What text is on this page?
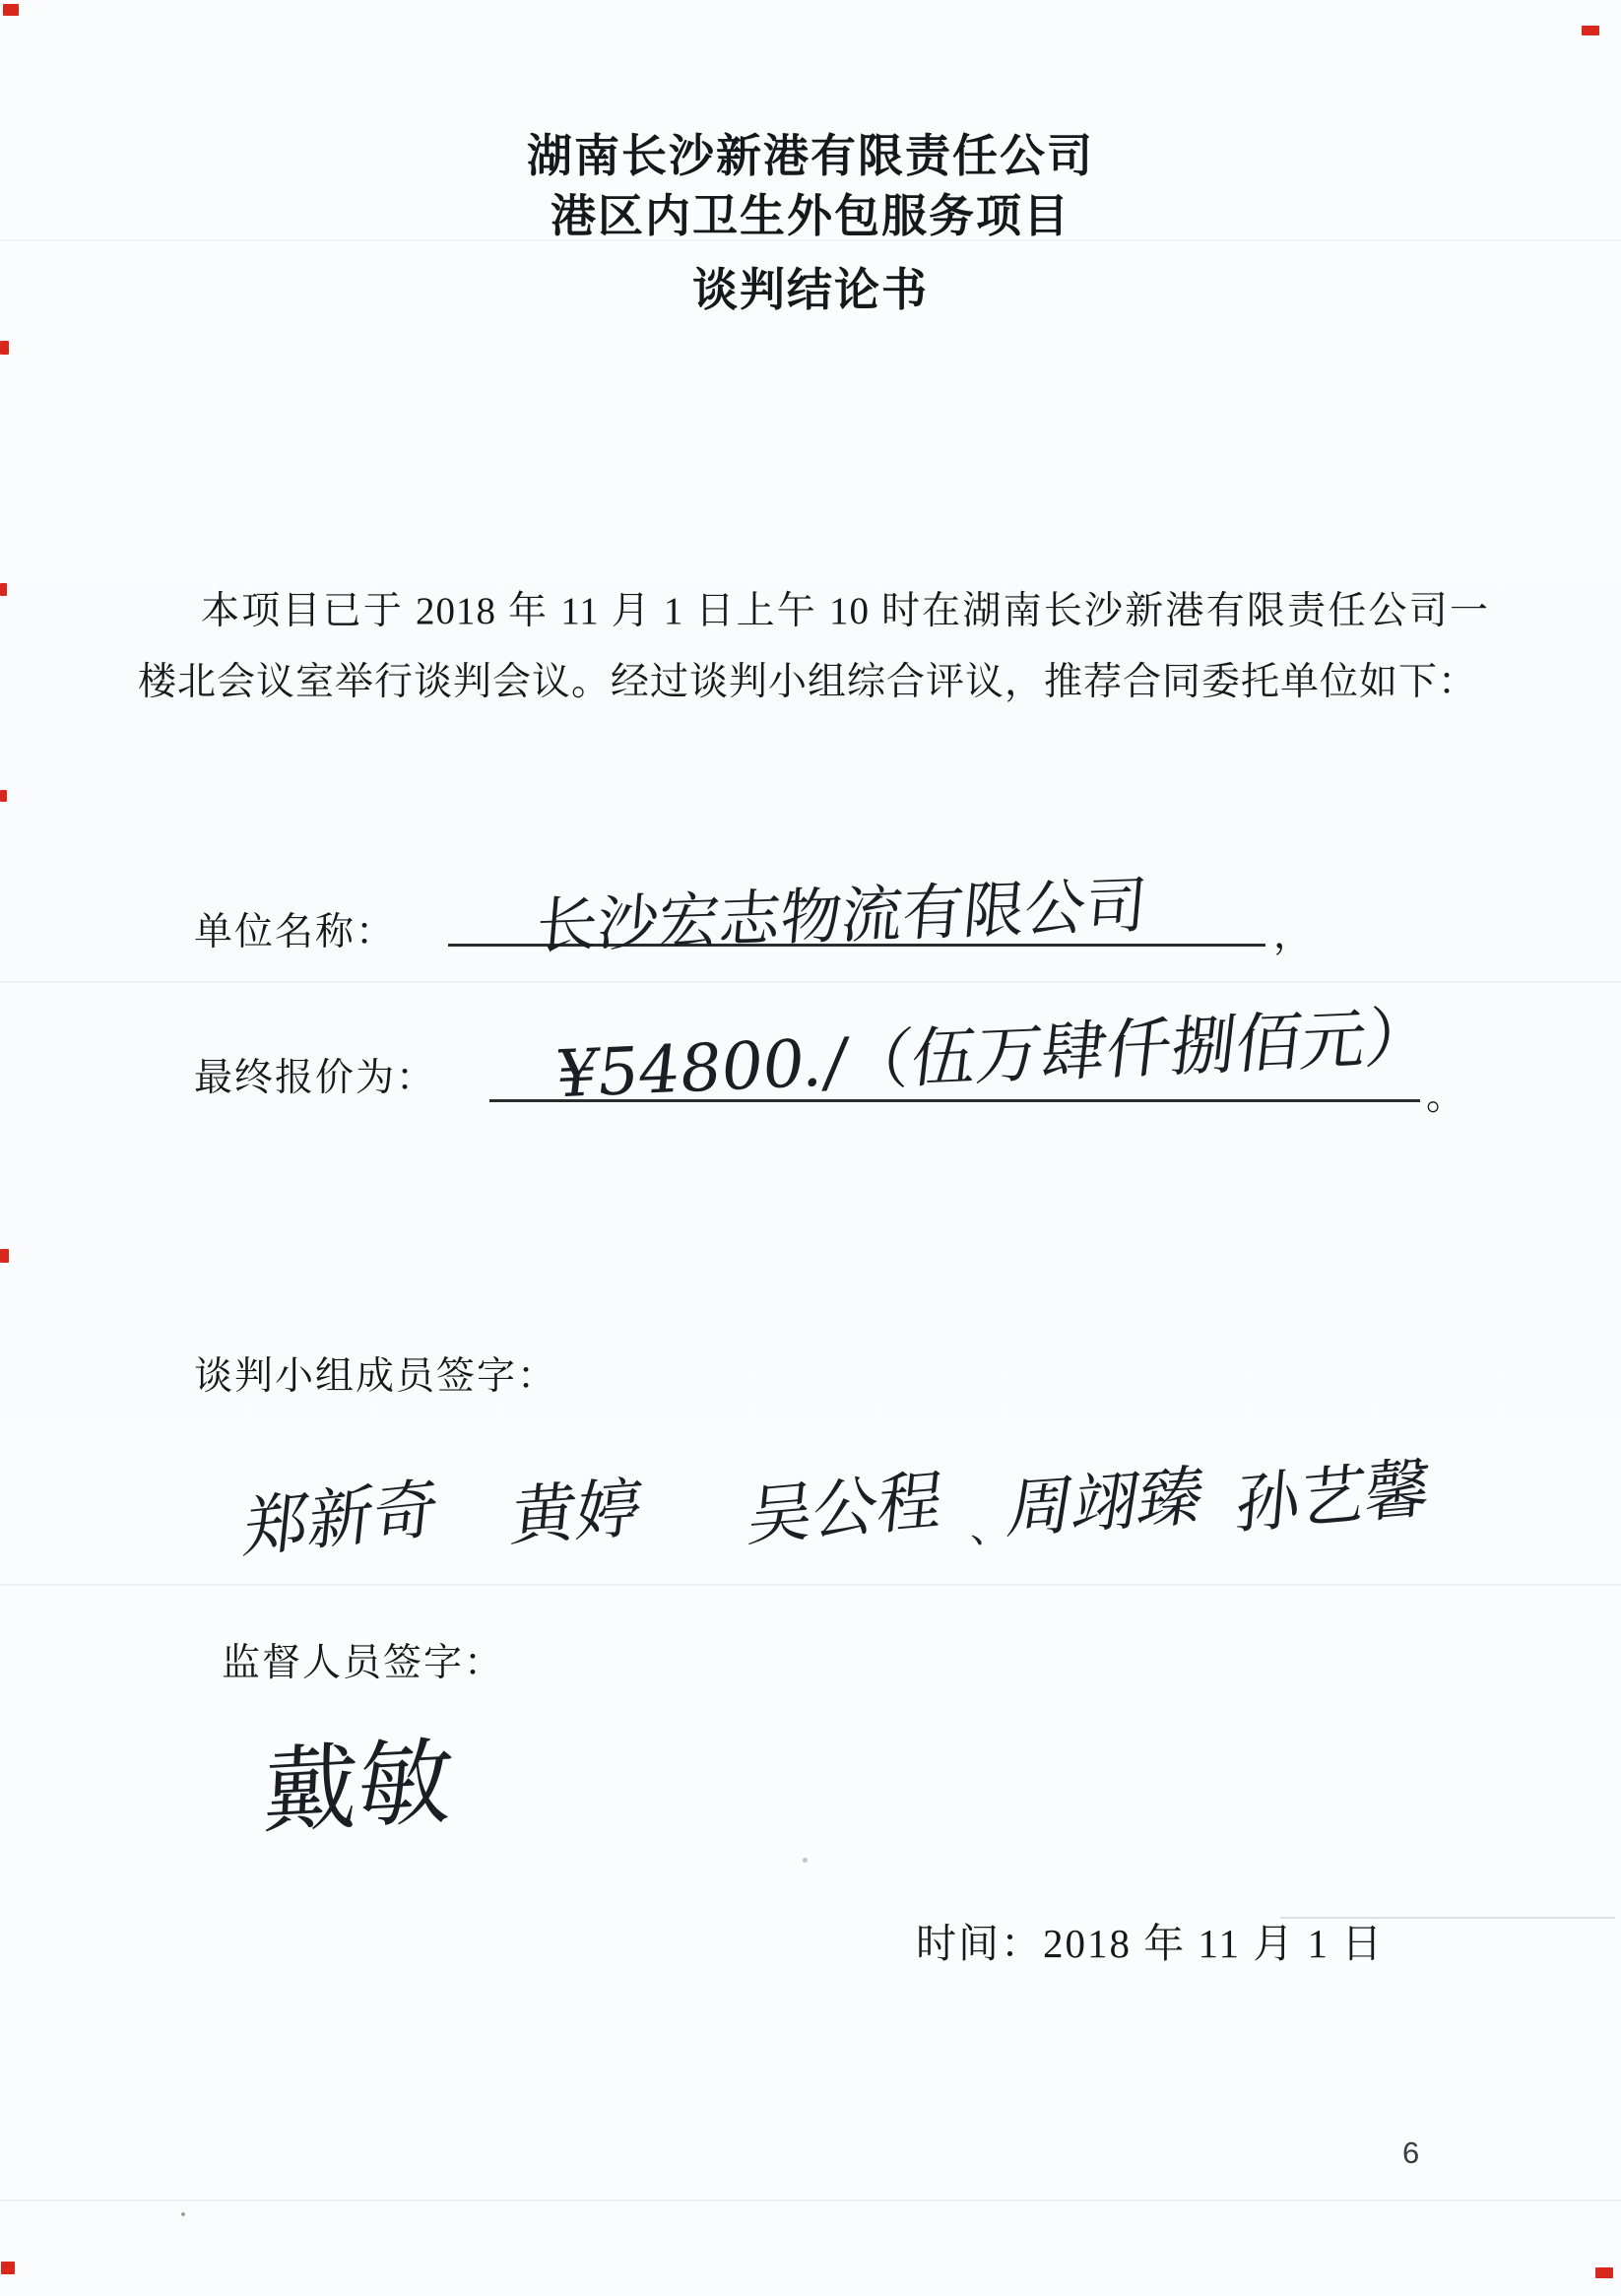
湖南长沙新港有限责任公司
港区内卫生外包服务项目
谈判结论书
本项目已于 2018 年 11 月 1 日上午 10 时在湖南长沙新港有限责任公司一楼北会议室举行谈判会议。经过谈判小组综合评议，推荐合同委托单位如下：
单位名称： 长沙宏志物流有限公司	，
最终报价为： ¥54800./（伍万肆仟捌佰元）
。
谈判小组成员签字：
郑新奇 黄婷 吴公程 、
周翊臻 孙艺馨
监督人员签字：
戴敏
时间：2018 年 11 月 1 日
6
